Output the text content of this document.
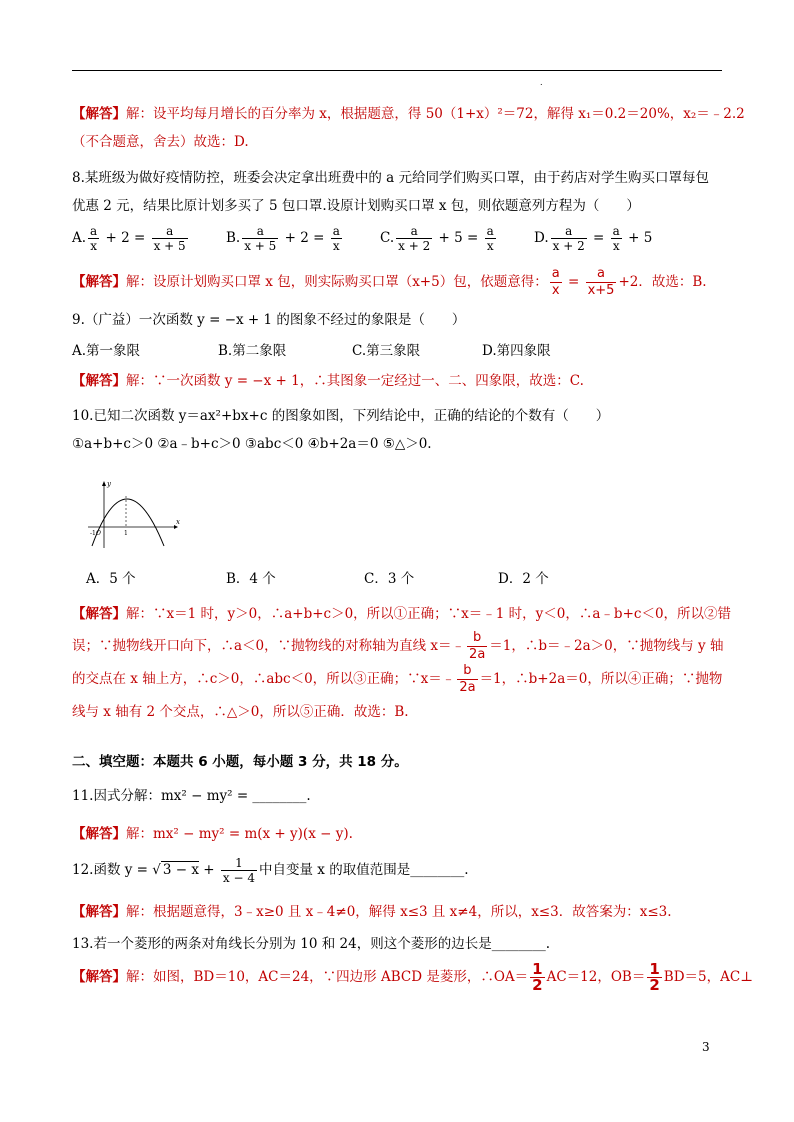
.
【解答】解：设平均每月增长的百分率为 x，根据题意，得 50（1+x）²＝72，解得 x₁＝0.2＝20%，x₂＝﹣2.2
（不合题意，舍去）故选：D.
8.某班级为做好疫情防控，班委会决定拿出班费中的 a 元给同学们购买口罩，由于药店对学生购买口罩每包
优惠 2 元，结果比原计划多买了 5 包口罩.设原计划购买口罩 x 包，则依题意列方程为（　　）
A. $\frac{a}{x} + 2 = \frac{a}{x + 5}$	B. $\frac{a}{x + 5} + 2 = \frac{a}{x}$	C. $\frac{a}{x + 2} + 5 = \frac{a}{x}$	D. $\frac{a}{x + 2} = \frac{a}{x} + 5$
【解答】解：设原计划购买口罩 x 包，则实际购买口罩（x+5）包，依题意得： $\frac{a}{x} = \frac{a}{x+5} +2$．故选：B.
9.（广益）一次函数 y = −x + 1 的图象不经过的象限是（　　）
A.第一象限	B.第二象限	C.第三象限	D.第四象限
【解答】解：∵一次函数 y = −x + 1，∴其图象一定经过一、二、四象限，故选：C.
10.已知二次函数 y＝ax²+bx+c 的图象如图，下列结论中，正确的结论的个数有（　　）
①a+b+c＞0 ②a﹣b+c＞0 ③abc＜0 ④b+2a＝0 ⑤△＞0.
x
y
O
-1	1
A．5 个	B．4 个	C．3 个	D．2 个
【解答】解：∵x＝1 时，y＞0，∴a+b+c＞0，所以①正确；∵x＝﹣1 时，y＜0，∴a﹣b+c＜0，所以②错
误；∵抛物线开口向下，∴a＜0，∵抛物线的对称轴为直线 x＝﹣ $\frac{b}{2a} =1$，∴b＝﹣2a＞0，∵抛物线与 y 轴
的交点在 x 轴上方，∴c＞0，∴abc＜0，所以③正确；∵x＝﹣ $\frac{b}{2a} =1$，∴b+2a＝0，所以④正确；∵抛物
线与 x 轴有 2 个交点，∴△＞0，所以⑤正确．故选：B.
二、填空题：本题共 6 小题，每小题 3 分，共 18 分。
11.因式分解：mx² − my² = ________.
【解答】解：mx² − my² = m(x + y)(x − y).
12.函数 y = √ $3 - x + \frac{1}{x - 4}$ 中自变量 x 的取值范围是________.
【解答】解：根据题意得，3﹣x≥0 且 x﹣4≠0，解得 x≤3 且 x≠4，所以，x≤3．故答案为：x≤3.
13.若一个菱形的两条对角线长分别为 10 和 24，则这个菱形的边长是________.
【解答】解：如图，BD＝10，AC＝24，∵四边形 ABCD 是菱形，∴OA＝ $\frac{1}{2} AC=12$，$OB= \frac{1}{2} BD=5$，AC⊥
3
